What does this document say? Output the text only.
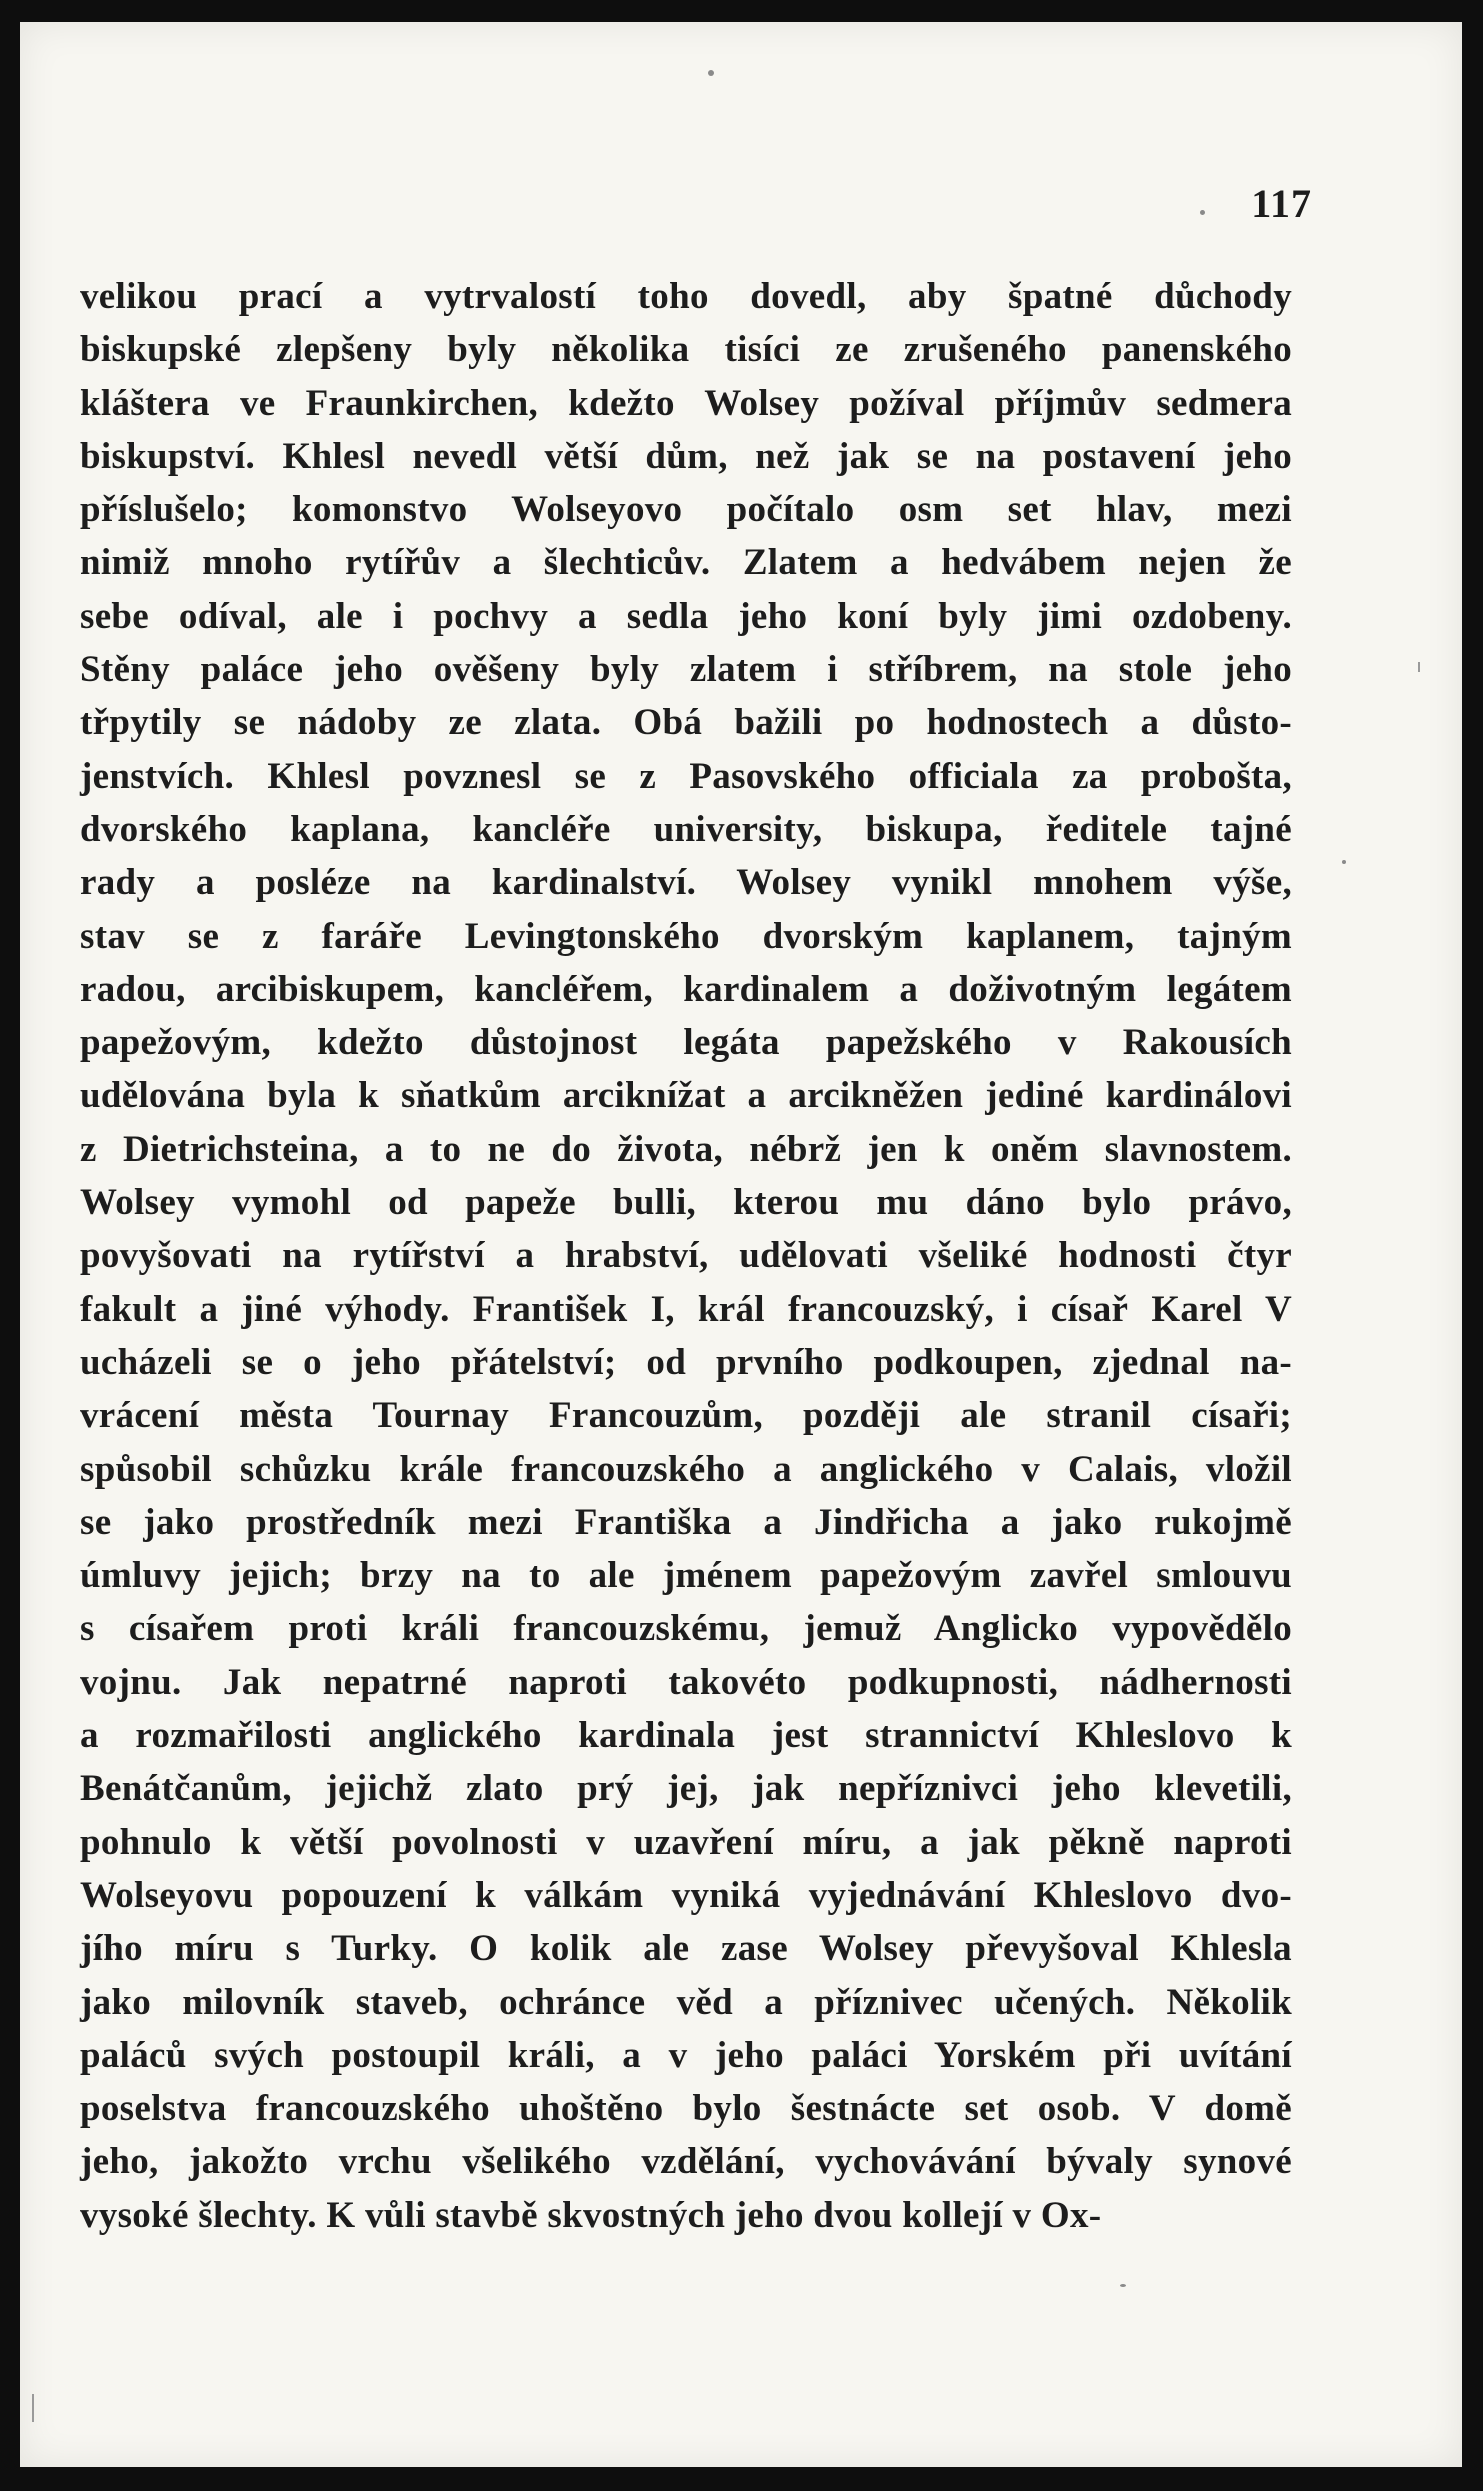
117
velikou prací a vytrvalostí toho dovedl, aby špatné důchody
biskupské zlepšeny byly několika tisíci ze zrušeného panenského
kláštera ve Fraunkirchen, kdežto Wolsey požíval příjmův sedmera
biskupství. Khlesl nevedl větší dům, než jak se na postavení jeho
příslušelo; komonstvo Wolseyovo počítalo osm set hlav, mezi
nimiž mnoho rytířův a šlechticův. Zlatem a hedvábem nejen že
sebe odíval, ale i pochvy a sedla jeho koní byly jimi ozdobeny.
Stěny paláce jeho ověšeny byly zlatem i stříbrem, na stole jeho
třpytily se nádoby ze zlata. Obá bažili po hodnostech a důsto-
jenstvích. Khlesl povznesl se z Pasovského officiala za probošta,
dvorského kaplana, kancléře university, biskupa, ředitele tajné
rady a posléze na kardinalství. Wolsey vynikl mnohem výše,
stav se z faráře Levingtonského dvorským kaplanem, tajným
radou, arcibiskupem, kancléřem, kardinalem a doživotným legátem
papežovým, kdežto důstojnost legáta papežského v Rakousích
udělována byla k sňatkům arciknížat a arcikněžen jediné kardinálovi
z Dietrichsteina, a to ne do života, nébrž jen k oněm slavnostem.
Wolsey vymohl od papeže bulli, kterou mu dáno bylo právo,
povyšovati na rytířství a hrabství, udělovati všeliké hodnosti čtyr
fakult a jiné výhody. František I, král francouzský, i císař Karel V
ucházeli se o jeho přátelství; od prvního podkoupen, zjednal na-
vrácení města Tournay Francouzům, později ale stranil císaři;
spůsobil schůzku krále francouzského a anglického v Calais, vložil
se jako prostředník mezi Františka a Jindřicha a jako rukojmě
úmluvy jejich; brzy na to ale jménem papežovým zavřel smlouvu
s císařem proti králi francouzskému, jemuž Anglicko vypovědělo
vojnu. Jak nepatrné naproti takovéto podkupnosti, nádhernosti
a rozmařilosti anglického kardinala jest strannictví Khleslovo k
Benátčanům, jejichž zlato prý jej, jak nepříznivci jeho klevetili,
pohnulo k větší povolnosti v uzavření míru, a jak pěkně naproti
Wolseyovu popouzení k válkám vyniká vyjednávání Khleslovo dvo-
jího míru s Turky. O kolik ale zase Wolsey převyšoval Khlesla
jako milovník staveb, ochránce věd a příznivec učených. Několik
paláců svých postoupil králi, a v jeho paláci Yorském při uvítání
poselstva francouzského uhoštěno bylo šestnácte set osob. V domě
jeho, jakožto vrchu všelikého vzdělání, vychovávání bývaly synové
vysoké šlechty. K vůli stavbě skvostných jeho dvou kollejí v Ox-
